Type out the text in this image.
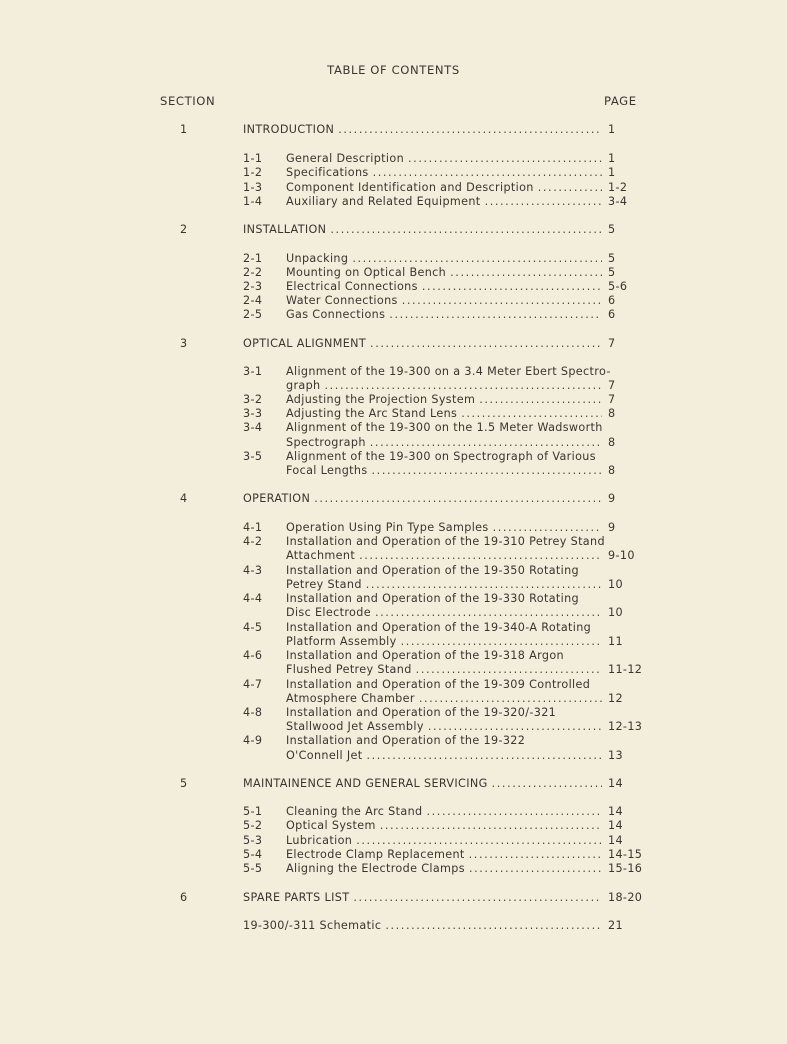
TABLE OF CONTENTS
SECTION	PAGE
1	INTRODUCTION .....	1
1-1	General Description .....	1
1-2	Specifications .....	1
1-3	Component Identification and Description .....	1-2
1-4	Auxiliary and Related Equipment .....	3-4
2	INSTALLATION .....	5
2-1	Unpacking .....	5
2-2	Mounting on Optical Bench .....	5
2-3	Electrical Connections .....	5-6
2-4	Water Connections .....	6
2-5	Gas Connections .....	6
3	OPTICAL ALIGNMENT .....	7
3-1	Alignment of the 19-300 on a 3.4 Meter Ebert Spectro-
graph .....	7
3-2	Adjusting the Projection System .....	7
3-3	Adjusting the Arc Stand Lens .....	8
3-4	Alignment of the 19-300 on the 1.5 Meter Wadsworth
Spectrograph .....	8
3-5	Alignment of the 19-300 on Spectrograph of Various
Focal Lengths .....	8
4	OPERATION .....	9
4-1	Operation Using Pin Type Samples .....	9
4-2	Installation and Operation of the 19-310 Petrey Stand
Attachment .....	9-10
4-3	Installation and Operation of the 19-350 Rotating
Petrey Stand .....	10
4-4	Installation and Operation of the 19-330 Rotating
Disc Electrode .....	10
4-5	Installation and Operation of the 19-340-A Rotating
Platform Assembly .....	11
4-6	Installation and Operation of the 19-318 Argon
Flushed Petrey Stand .....	11-12
4-7	Installation and Operation of the 19-309 Controlled
Atmosphere Chamber .....	12
4-8	Installation and Operation of the 19-320/-321
Stallwood Jet Assembly .....	12-13
4-9	Installation and Operation of the 19-322
O'Connell Jet .....	13
5	MAINTAINENCE AND GENERAL SERVICING .....	14
5-1	Cleaning the Arc Stand .....	14
5-2	Optical System .....	14
5-3	Lubrication .....	14
5-4	Electrode Clamp Replacement .....	14-15
5-5	Aligning the Electrode Clamps .....	15-16
6	SPARE PARTS LIST .....	18-20
19-300/-311 Schematic .....	21
